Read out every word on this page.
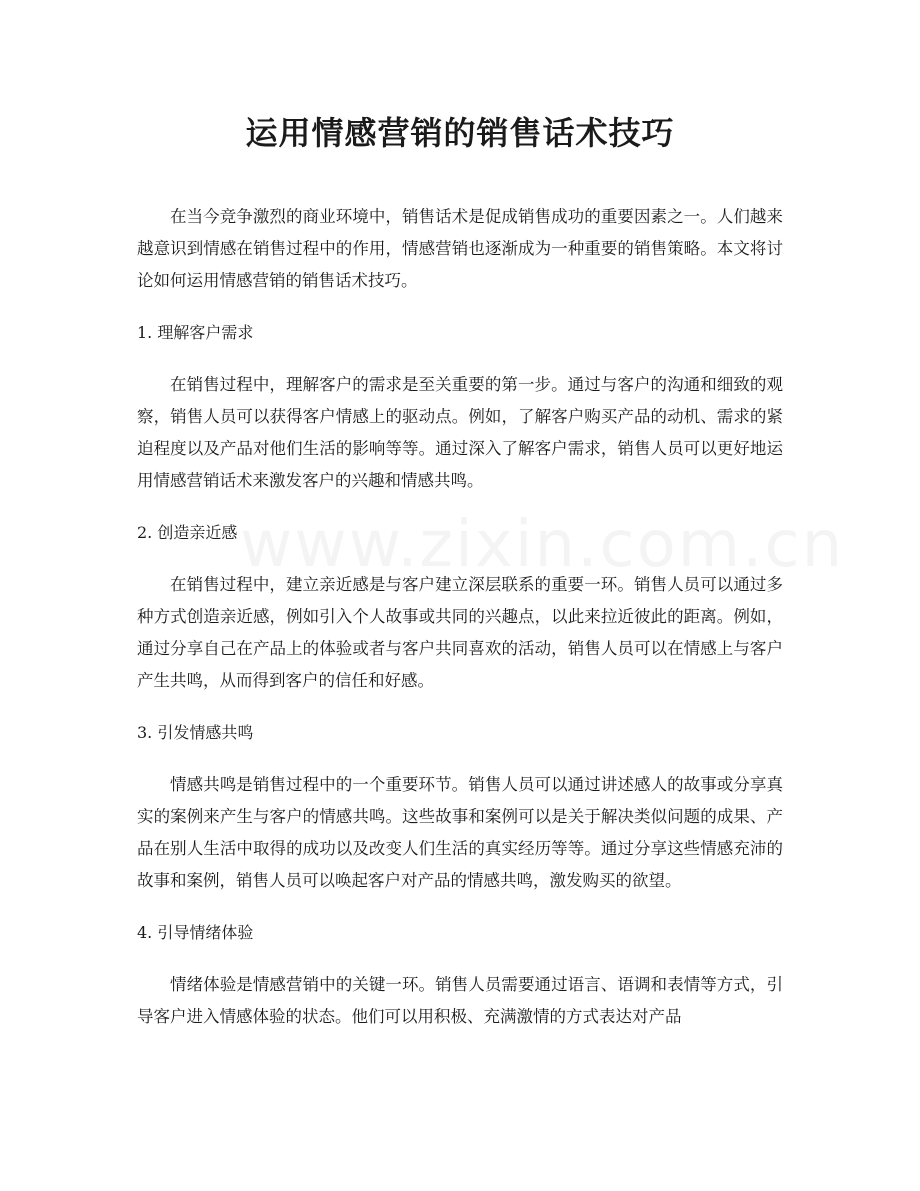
运用情感营销的销售话术技巧

在当今竞争激烈的商业环境中，销售话术是促成销售成功的重要因素之一。人们越来越意识到情感在销售过程中的作用，情感营销也逐渐成为一种重要的销售策略。本文将讨论如何运用情感营销的销售话术技巧。

1. 理解客户需求

在销售过程中，理解客户的需求是至关重要的第一步。通过与客户的沟通和细致的观察，销售人员可以获得客户情感上的驱动点。例如，了解客户购买产品的动机、需求的紧迫程度以及产品对他们生活的影响等等。通过深入了解客户需求，销售人员可以更好地运用情感营销话术来激发客户的兴趣和情感共鸣。

2. 创造亲近感

在销售过程中，建立亲近感是与客户建立深层联系的重要一环。销售人员可以通过多种方式创造亲近感，例如引入个人故事或共同的兴趣点，以此来拉近彼此的距离。例如，通过分享自己在产品上的体验或者与客户共同喜欢的活动，销售人员可以在情感上与客户产生共鸣，从而得到客户的信任和好感。

3. 引发情感共鸣

情感共鸣是销售过程中的一个重要环节。销售人员可以通过讲述感人的故事或分享真实的案例来产生与客户的情感共鸣。这些故事和案例可以是关于解决类似问题的成果、产品在别人生活中取得的成功以及改变人们生活的真实经历等等。通过分享这些情感充沛的故事和案例，销售人员可以唤起客户对产品的情感共鸣，激发购买的欲望。

4. 引导情绪体验

情绪体验是情感营销中的关键一环。销售人员需要通过语言、语调和表情等方式，引导客户进入情感体验的状态。他们可以用积极、充满激情的方式表达对产品
